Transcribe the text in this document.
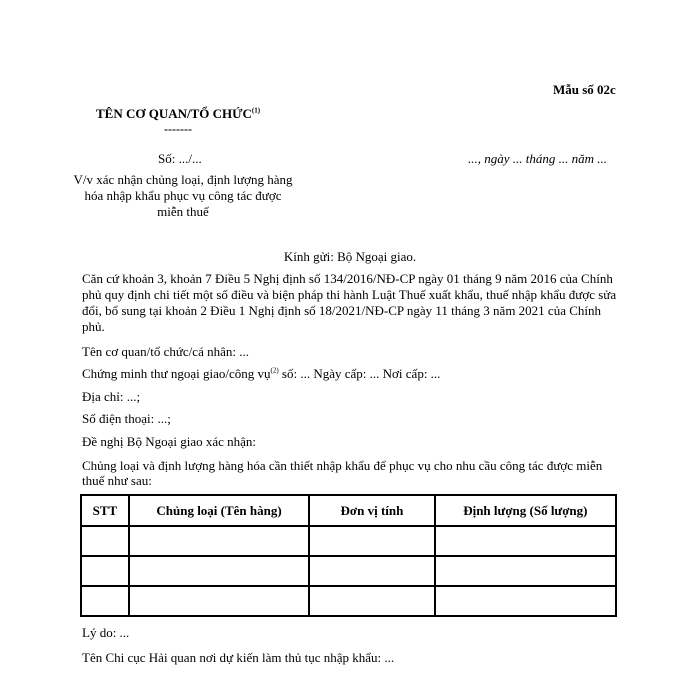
Mẫu số 02c
TÊN CƠ QUAN/TỔ CHỨC$^{(1)}$
-------
Số: .../...	..., ngày ... tháng ... năm ...
V/v xác nhận chủng loại, định lượng hàng hóa nhập khẩu phục vụ công tác được miễn thuế
Kính gửi: Bộ Ngoại giao.
Căn cứ khoản 3, khoản 7 Điều 5 Nghị định số 134/2016/NĐ-CP ngày 01 tháng 9 năm 2016 của Chính phủ quy định chi tiết một số điều và biện pháp thi hành Luật Thuế xuất khẩu, thuế nhập khẩu được sửa đổi, bổ sung tại khoản 2 Điều 1 Nghị định số 18/2021/NĐ-CP ngày 11 tháng 3 năm 2021 của Chính phủ.
Tên cơ quan/tổ chức/cá nhân: ...
Chứng minh thư ngoại giao/công vụ$^{(2)}$ số: ... Ngày cấp: ... Nơi cấp: ...
Địa chỉ: ...;
Số điện thoại: ...;
Đề nghị Bộ Ngoại giao xác nhận:
Chủng loại và định lượng hàng hóa cần thiết nhập khẩu để phục vụ cho nhu cầu công tác được miễn thuế như sau:
STT	Chủng loại (Tên hàng)	Đơn vị tính	Định lượng (Số lượng)

Lý do: ...
Tên Chi cục Hải quan nơi dự kiến làm thủ tục nhập khẩu: ...
